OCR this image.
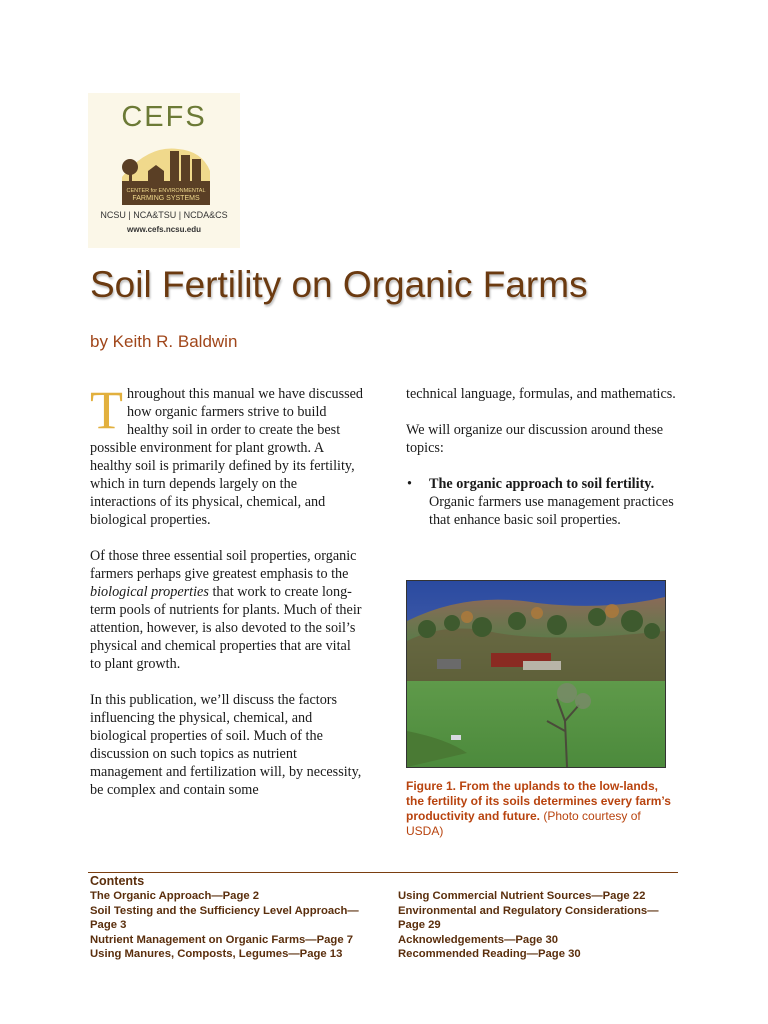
CEFS
CENTER for ENVIRONMENTAL
FARMING SYSTEMS
NCSU | NCA&TSU | NCDA&CS
www.cefs.ncsu.edu
Soil Fertility on Organic Farms
by Keith R. Baldwin

Throughout this manual we have discussed how organic farmers strive to build healthy soil in order to create the best possible environment for plant growth. A healthy soil is primarily defined by its fertility, which in turn depends largely on the interactions of its physical, chemical, and biological properties.

Of those three essential soil properties, organic farmers perhaps give greatest emphasis to the biological properties that work to create long-term pools of nutrients for plants. Much of their attention, however, is also devoted to the soil’s physical and chemical properties that are vital to plant growth.

In this publication, we’ll discuss the factors influencing the physical, chemical, and biological properties of soil. Much of the discussion on such topics as nutrient management and fertilization will, by necessity, be complex and contain some

technical language, formulas, and mathematics.

We will organize our discussion around these topics:

• The organic approach to soil fertility. Organic farmers use management practices that enhance basic soil properties.
Figure 1. From the uplands to the low-lands, the fertility of its soils determines every farm’s productivity and future. (Photo courtesy of USDA)
Contents
The Organic Approach—Page 2
Soil Testing and the Sufficiency Level Approach—Page 3
Nutrient Management on Organic Farms—Page 7
Using Manures, Composts, Legumes—Page 13
Using Commercial Nutrient Sources—Page 22
Environmental and Regulatory Considerations—Page 29
Acknowledgements—Page 30
Recommended Reading—Page 30
